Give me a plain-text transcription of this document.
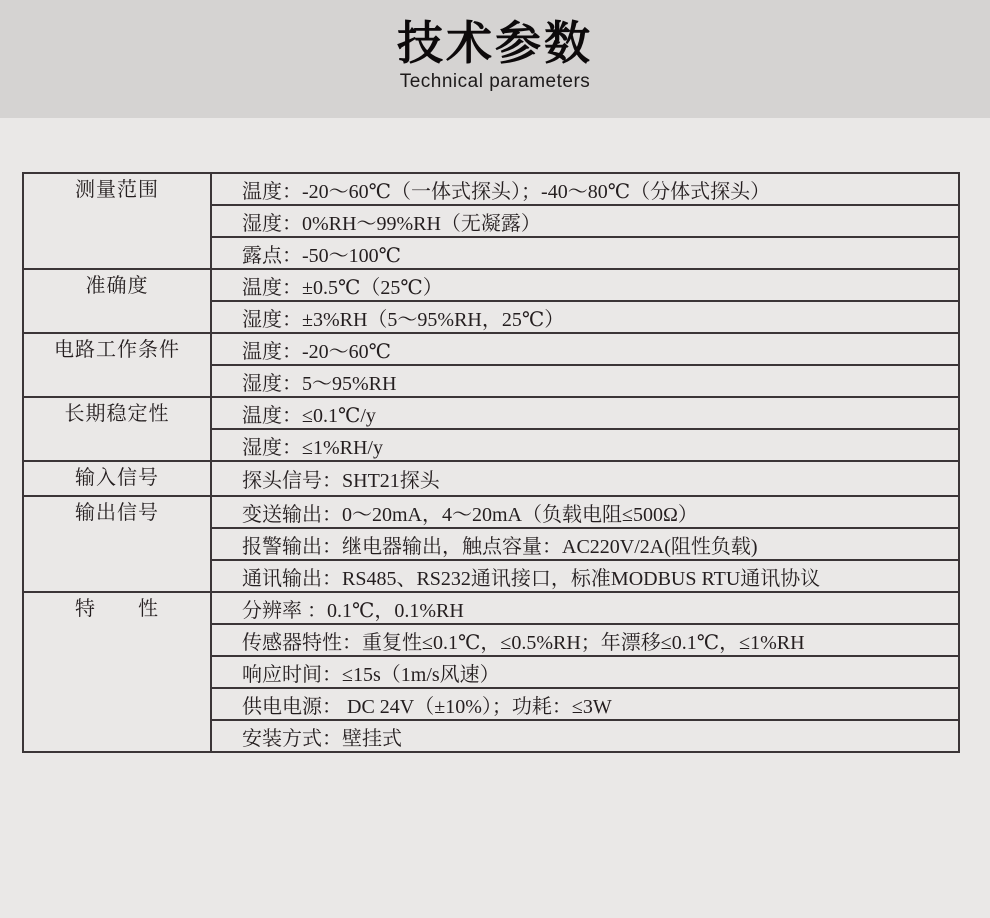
技术参数
Technical parameters
测量范围	温度：-20～60℃（一体式探头）；-40～80℃（分体式探头）
	湿度：0%RH～99%RH（无凝露）
	露点：-50～100℃
准确度	温度：±0.5℃（25℃）
	湿度：±3%RH（5～95%RH，25℃）
电路工作条件	温度：-20～60℃
	湿度：5～95%RH
长期稳定性	温度：≤0.1℃/y
	湿度：≤1%RH/y
输入信号	探头信号：SHT21探头
输出信号	变送输出：0～20mA，4～20mA（负载电阻≤500Ω）
	报警输出：继电器输出，触点容量：AC220V/2A(阻性负载)
	通讯输出：RS485、RS232通讯接口，标准MODBUS RTU通讯协议
特　　性	分辨率 ：0.1℃，0.1%RH
	传感器特性：重复性≤0.1℃，≤0.5%RH；年漂移≤0.1℃，≤1%RH
	响应时间：≤15s（1m/s风速）
	供电电源： DC 24V（±10%）；功耗：≤3W
	安装方式：壁挂式
